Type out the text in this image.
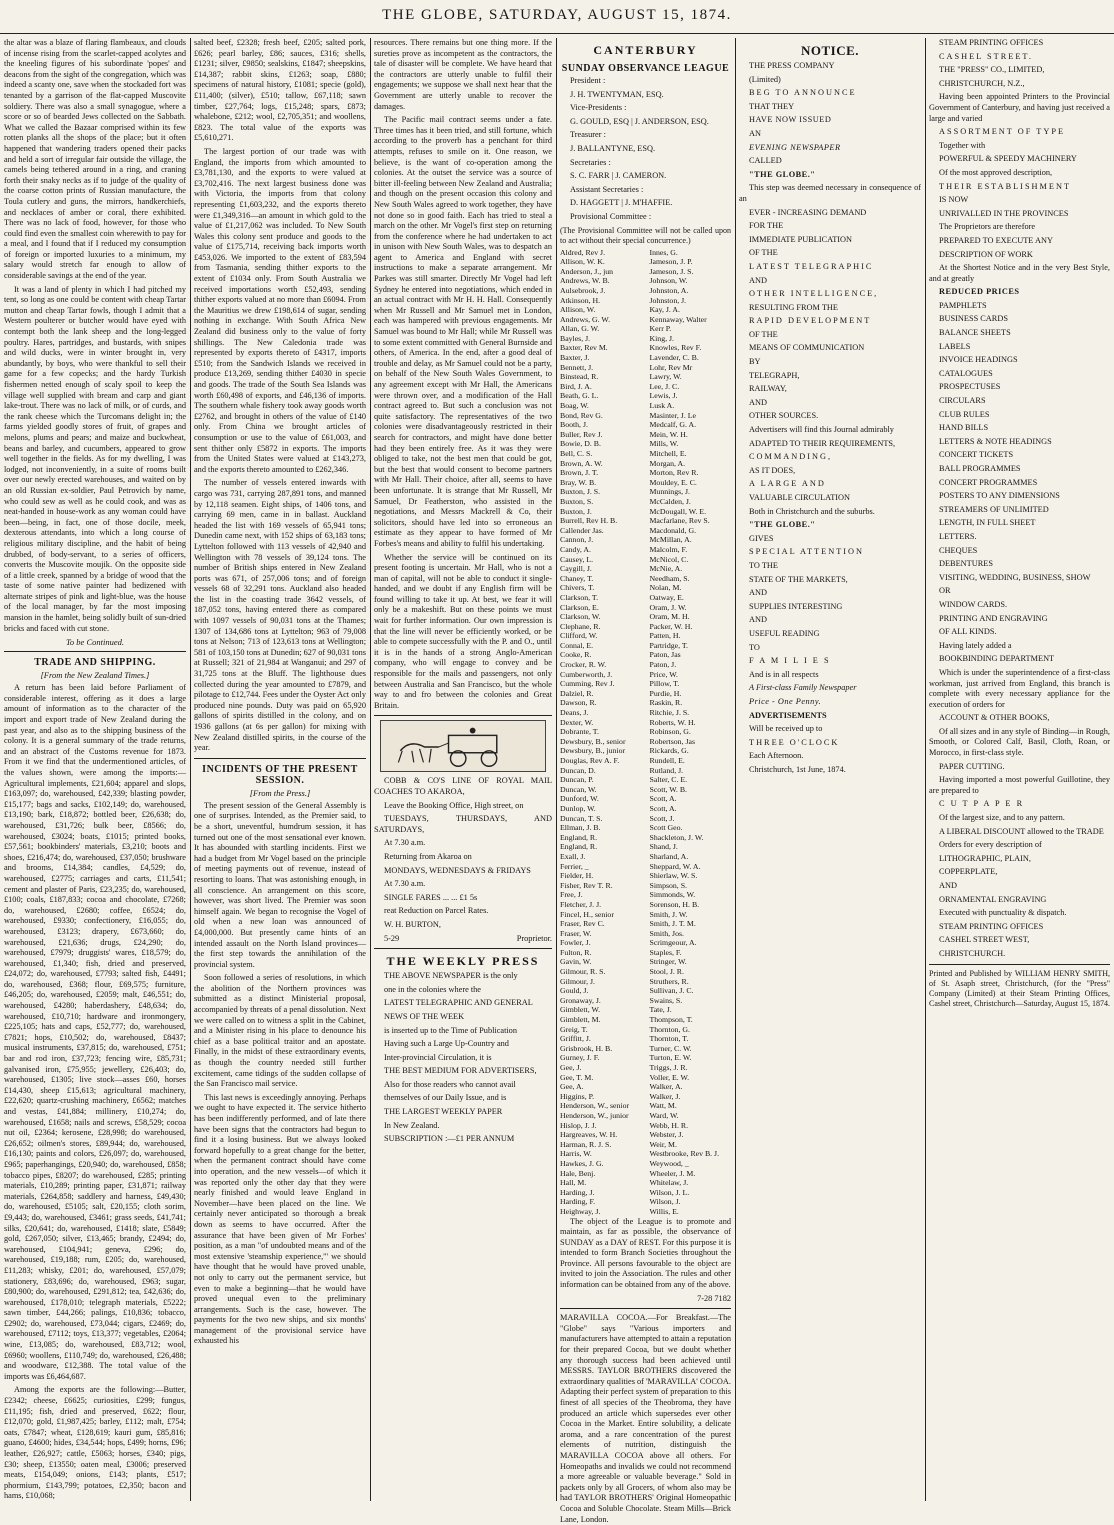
THE GLOBE, SATURDAY, AUGUST 15, 1874.

the altar was a blaze of flaring flambeaux, and clouds of incense rising from the scarlet-capped acolytes and the kneeling figures of his subordinate 'popes' and deacons from the sight of the congregation, which was indeed a scanty one, save when the stockaded fort was tenanted by a garrison of the flat-capped Muscovite soldiery. There was also a small synagogue, where a score or so of bearded Jews collected on the Sabbath. What we called the Bazaar comprised within its few rotten planks all the shops of the place; but it often happened that wandering traders opened their packs and held a sort of irregular fair outside the village, the camels being tethered around in a ring, and craning forth their snaky necks as if to judge of the quality of the coarse cotton prints of Russian manufacture, the Toula cutlery and guns, the mirrors, handkerchiefs, and necklaces of amber or coral, there exhibited. There was no lack of food, however, for those who could find even the smallest coin wherewith to pay for a meal, and I found that if I reduced my consumption of foreign or imported luxuries to a minimum, my salary would stretch far enough to allow of considerable savings at the end of the year.

It was a land of plenty in which I had pitched my tent, so long as one could be content with cheap Tartar mutton and cheap Tartar fowls, though I admit that a Western poulterer or butcher would have eyed with contempt both the lank sheep and the long-legged poultry. Hares, partridges, and bustards, with snipes and wild ducks, were in winter brought in, very abundantly, by boys, who were thankful to sell their game for a few copecks; and the hardy Turkish fishermen netted enough of scaly spoil to keep the village well supplied with bream and carp and giant lake-trout. There was no lack of milk, or of curds, and the rank cheese which the Turcomans delight in; the farms yielded goodly stores of fruit, of grapes and melons, plums and pears; and maize and buckwheat, beans and barley, and cucumbers, appeared to grow well together in the fields. As for my dwelling, I was lodged, not inconveniently, in a suite of rooms built over our newly erected warehouses, and waited on by an old Russian ex-soldier, Paul Petrovich by name, who could sew as well as he could cook, and was as neat-handed in house-work as any woman could have been—being, in fact, one of those docile, meek, dexterous attendants, into which a long course of religious military discipline, and the habit of being drubbed, of body-servant, to a series of officers, converts the Muscovite moujik. On the opposite side of a little creek, spanned by a bridge of wood that the taste of some native painter had bedizened with alternate stripes of pink and light-blue, was the house of the local manager, by far the most imposing mansion in the hamlet, being solidly built of sun-dried bricks and faced with cut stone.

To be Continued.
TRADE AND SHIPPING.
[From the New Zealand Times.]

A return has been laid before Parliament of considerable interest, offering as it does a large amount of information as to the character of the import and export trade of New Zealand during the past year, and also as to the shipping business of the colony. It is a general summary of the trade returns, and an abstract of the Customs revenue for 1873. From it we find that the undermentioned articles, of the values shown, were among the imports:—Agricultural implements, £21,604; apparel and slops, £163,097; do, warehoused, £42,339; blasting powder, £15,177; bags and sacks, £102,149; do, warehoused, £13,190; bark, £18,872; bottled beer, £26,638; do, warehoused, £31,726; bulk beer, £8566; do, warehoused, £3024; boats, £1015; printed books, £57,561; bookbinders' materials, £3,210; boots and shoes, £216,474; do, warehoused, £37,050; brushware and brooms, £14,384; candles, £4,529; do, warehoused, £2775; carriages and carts, £11,541; cement and plaster of Paris, £23,235; do, warehoused, £100; coals, £187,833; cocoa and chocolate, £7268; do, warehoused, £2680; coffee, £6524; do, warehoused, £9330; confectionery, £16,055; do, warehoused, £3123; drapery, £673,660; do, warehoused, £21,636; drugs, £24,290; do, warehoused, £7979; druggists' wares, £18,579; do, warehoused, £1,340; fish, dried and preserved, £24,072; do, warehoused, £7793; salted fish, £4491; do, warehoused, £368; flour, £69,575; furniture, £46,205; do, warehoused, £2059; malt, £46,551; do, warehoused, £4280; haberdashery, £48,634; do, warehoused, £10,710; hardware and ironmongery, £225,105; hats and caps, £52,777; do, warehoused, £7821; hops, £10,502; do, warehoused, £8437; musical instruments, £37,815; do, warehoused, £751; bar and rod iron, £37,723; fencing wire, £85,731; galvanised iron, £75,955; jewellery, £26,403; do, warehoused, £1305; live stock—asses £60, horses £14,430, sheep £15,613; agricultural machinery, £22,620; quartz-crushing machinery, £6562; matches and vestas, £41,884; millinery, £10,274; do, warehoused, £1658; nails and screws, £58,529; cocoa nut oil, £2364; kerosene, £28,998; do warehoused, £26,652; oilmen's stores, £89,944; do, warehoused, £16,130; paints and colors, £26,097; do, warehoused, £965; paperhangings, £20,940; do, warehoused, £858; tobacco pipes, £8207; do warehoused, £285; printing materials, £10,289; printing paper, £31,871; railway materials, £264,858; saddlery and harness, £49,430; do, warehoused, £5105; salt, £20,155; cloth sorim, £9,443; do, warehoused, £3461; grass seeds, £41,741; silks, £20,641; do, warehoused, £1418; slate, £5849; gold, £267,050; silver, £13,465; brandy, £2494; do, warehoused, £104,941; geneva, £296; do, warehoused, £19,188; rum, £205; do, warehoused, £11,283; whisky, £201; do, warehoused, £57,079; stationery, £83,696; do, warehoused, £963; sugar, £80,900; do, warehoused, £291,812; tea, £42,636; do, warehoused, £178,010; telegraph materials, £5222; sawn timber, £44,266; palings, £10,836; tobacco, £2902; do, warehoused, £73,044; cigars, £2469; do, warehoused, £7112; toys, £13,377; vegetables, £2064; wine, £13,085; do, warehoused, £83,712; wool, £6960; woollens, £110,749; do, warehoused, £26,488; and woodware, £12,388. The total value of the imports was £6,464,687.

Among the exports are the following:—Butter, £2342; cheese, £6625; curiosities, £299; fungus, £11,195; fish, dried and preserved, £622; flour, £12,070; gold, £1,987,425; barley, £112; malt, £754; oats, £7847; wheat, £128,619; kauri gum, £85,816; guano, £4600; hides, £34,544; hops, £499; horns, £96; leather, £26,927; cattle, £5063; horses, £340; pigs, £30; sheep, £13550; oaten meal, £3006; preserved meats, £154,049; onions, £143; plants, £517; phormium, £143,799; potatoes, £2,350; bacon and hams, £10,068;

salted beef, £2328; fresh beef, £205; salted pork, £626; pearl barley, £86; sauces, £316; shells, £1231; silver, £9850; sealskins, £1847; sheepskins, £14,387; rabbit skins, £1263; soap, £880; specimens of natural history, £1081; specie (gold), £11,400; (silver), £510; tallow, £67,118; sawn timber, £27,764; logs, £15,248; spars, £873; whalebone, £212; wool, £2,705,351; and woollens, £823. The total value of the exports was £5,610,271.

The largest portion of our trade was with England, the imports from which amounted to £3,781,130, and the exports to were valued at £3,702,416. The next largest business done was with Victoria, the imports from that colony representing £1,603,232, and the exports thereto were £1,349,316—an amount in which gold to the value of £1,217,062 was included. To New South Wales this colony sent produce and goods to the value of £175,714, receiving back imports worth £453,026. We imported to the extent of £83,594 from Tasmania, sending thither exports to the extent of £1034 only. From South Australia we received importations worth £52,493, sending thither exports valued at no more than £6094. From the Mauritius we drew £198,614 of sugar, sending nothing in exchange. With South Africa New Zealand did business only to the value of forty shillings. The New Caledonia trade was represented by exports thereto of £4317, imports £510; from the Sandwich Islands we received in produce £13,269, sending thither £4030 in specie and goods. The trade of the South Sea Islands was worth £60,498 of exports, and £46,136 of imports. The southern whale fishery took away goods worth £2762, and brought in others of the value of £140 only. From China we brought articles of consumption or use to the value of £61,003, and sent thither only £5872 in exports. The imports from the United States were valued at £143,273, and the exports thereto amounted to £262,346.

The number of vessels entered inwards with cargo was 731, carrying 287,891 tons, and manned by 12,118 seamen. Eight ships, of 1406 tons, and carrying 69 men, came in in ballast. Auckland headed the list with 169 vessels of 65,941 tons; Dunedin came next, with 152 ships of 63,183 tons; Lyttelton followed with 113 vessels of 42,940 and Wellington with 78 vessels of 39,124 tons. The number of British ships entered in New Zealand ports was 671, of 257,006 tons; and of foreign vessels 68 of 32,291 tons. Auckland also headed the list in the coasting trade 3642 vessels, of 187,052 tons, having entered there as compared with 1097 vessels of 90,031 tons at the Thames; 1307 of 134,686 tons at Lyttelton; 963 of 79,008 tons at Nelson; 713 of 123,613 tons at Wellington; 581 of 103,150 tons at Dunedin; 627 of 90,031 tons at Russell; 321 of 21,984 at Wanganui; and 297 of 31,725 tons at the Bluff. The lighthouse dues collected during the year amounted to £7879, and pilotage to £12,744. Fees under the Oyster Act only produced nine pounds. Duty was paid on 65,920 gallons of spirits distilled in the colony, and on 1936 gallons (at 6s per gallon) for mixing with New Zealand distilled spirits, in the course of the year.

INCIDENTS OF THE PRESENT SESSION.
[From the Press.]

The present session of the General Assembly is one of surprises. Intended, as the Premier said, to be a short, uneventful, humdrum session, it has turned out one of the most sensational ever known. It has abounded with startling incidents. First we had a budget from Mr Vogel based on the principle of meeting payments out of revenue, instead of resorting to loans. That was astonishing enough, in all conscience. An arrangement on this score, however, was short lived. The Premier was soon himself again. We began to recognise the Vogel of old when a new loan was announced of £4,000,000. But presently came hints of an intended assault on the North Island provinces—the first step towards the annihilation of the provincial system.

Soon followed a series of resolutions, in which the abolition of the Northern provinces was submitted as a distinct Ministerial proposal, accompanied by threats of a penal dissolution. Next we were called on to witness a split in the Cabinet, and a Minister rising in his place to denounce his chief as a base political traitor and an apostate. Finally, in the midst of these extraordinary events, as though the country needed still further excitement, came tidings of the sudden collapse of the San Francisco mail service.

This last news is exceedingly annoying. Perhaps we ought to have expected it. The service hitherto has been indifferently performed, and of late there have been signs that the contractors had begun to find it a losing business. But we always looked forward hopefully to a great change for the better, when the permanent contract should have come into operation, and the new vessels—of which it was reported only the other day that they were nearly finished and would leave England in November—have been placed on the line. We certainly never anticipated so thorough a break down as seems to have occurred. After the assurance that have been given of Mr Forbes' position, as a man "of undoubted means and of the most extensive 'steamship experience,'" we should have thought that he would have proved unable, not only to carry out the permanent service, but even to make a beginning—that he would have proved unequal even to the preliminary arrangements. Such is the case, however. The payments for the two new ships, and six months' management of the provisional service have exhausted his

resources. There remains but one thing more. If the sureties prove as incompetent as the contractors, the tale of disaster will be complete. We have heard that the contractors are utterly unable to fulfil their engagements; we suppose we shall next hear that the Government are utterly unable to recover the damages.

The Pacific mail contract seems under a fate. Three times has it been tried, and still fortune, which according to the proverb has a penchant for third attempts, refuses to smile on it. One reason, we believe, is the want of co-operation among the colonies. At the outset the service was a source of bitter ill-feeling between New Zealand and Australia; and though on the present occasion this colony and New South Wales agreed to work together, they have not done so in good faith. Each has tried to steal a march on the other. Mr Vogel's first step on returning from the conference where he had undertaken to act in unison with New South Wales, was to despatch an agent to America and England with secret instructions to make a separate arrangement. Mr Parkes was still smarter. Directly Mr Vogel had left Sydney he entered into negotiations, which ended in an actual contract with Mr H. H. Hall. Consequently when Mr Russell and Mr Samuel met in London, each was hampered with previous engagements. Mr Samuel was bound to Mr Hall; while Mr Russell was to some extent committed with General Burnside and others, of America. In the end, after a good deal of trouble and delay, as Mr Samuel could not be a party, on behalf of the New South Wales Government, to any agreement except with Mr Hall, the Americans were thrown over, and a modification of the Hall contract agreed to. But such a conclusion was not quite satisfactory. The representatives of the two colonies were disadvantageously restricted in their search for contractors, and might have done better had they been entirely free. As it was they were obliged to take, not the best men that could be got, but the best that would consent to become partners with Mr Hall. Their choice, after all, seems to have been unfortunate. It is strange that Mr Russell, Mr Samuel, Dr Featherston, who assisted in the negotiations, and Messrs Mackrell & Co, their solicitors, should have led into so erroneous an estimate as they appear to have formed of Mr Forbes's means and ability to fulfil his undertaking.

Whether the service will be continued on its present footing is uncertain. Mr Hall, who is not a man of capital, will not be able to conduct it single-handed, and we doubt if any English firm will be found willing to take it up. At best, we fear it will only be a makeshift. But on these points we must wait for further information. Our own impression is that the line will never be efficiently worked, or be able to compete successfully with the P. and O., until it is in the hands of a strong Anglo-American company, who will engage to convey and be responsible for the mails and passengers, not only between Australia and San Francisco, but the whole way to and fro between the colonies and Great Britain.

COBB & CO'S LINE OF ROYAL MAIL COACHES TO AKAROA,

Leave the Booking Office, High street, on

TUESDAYS, THURSDAYS, AND SATURDAYS,

At 7.30 a.m.

Returning from Akaroa on

MONDAYS, WEDNESDAYS & FRIDAYS

At 7.30 a.m.

SINGLE FARES ... ... £1 5s

reat Reduction on Parcel Rates.

W. H. BURTON,

5-29	Proprietor.

THE WEEKLY PRESS

THE ABOVE NEWSPAPER is the only

one in the colonies where the

LATEST TELEGRAPHIC AND GENERAL

NEWS OF THE WEEK

is inserted up to the Time of Publication

Having such a Large Up-Country and

Inter-provincial Circulation, it is

THE BEST MEDIUM FOR ADVERTISERS,

Also for those readers who cannot avail

themselves of our Daily Issue, and is

THE LARGEST WEEKLY PAPER

In New Zealand.

SUBSCRIPTION :—£1 PER ANNUM

CANTERBURY
SUNDAY OBSERVANCE LEAGUE

President :

J. H. TWENTYMAN, ESQ.

Vice-Presidents :

G. GOULD, ESQ | J. ANDERSON, ESQ.

Treasurer :

J. BALLANTYNE, ESQ.

Secretaries :

S. C. FARR | J. CAMERON.

Assistant Secretaries :

D. HAGGETT | J. M'HAFFIE.

Provisional Committee :

(The Provisional Committee will not be called upon to act without their special concurrence.)

Aldred, Rev J.
Allison, W. K.
Anderson, J., jun
Andrews, W. B.
Aulsebrook, J.
Atkinson, H.
Allison, W.
Andrews, G. W.
Allan, G. W.
Bayles, J.
Baxter, Rev M.
Baxter, J.
Bennett, J.
Binstead, R.
Bird, J. A.
Beath, G. L.
Boag, W.
Bond, Rev G.
Booth, J.
Buller, Rev J.
Bowie, D. B.
Bell, C. S.
Brown, A. W.
Brown, J. T.
Bray, W. B.
Buxton, J. S.
Buxton, S.
Buxton, J.
Burrell, Rev H. B.
Callender Jas.
Cannon, J.
Candy, A.
Causey, L.
Caygill, J.
Chaney, T.
Chivers, T.
Clarkson, T.
Clarkson, E.
Clarkson, W.
Clephane, R.
Clifford, W.
Connal, E.
Cooke, R.
Crocker, R. W.
Cumberworth, J.
Cumming, Rev J.
Dalziel, R.
Dawson, R.
Deans, J.
Dexter, W.
Dobrante, T.
Dewsbury, B., senior
Dewsbury, B., junior
Douglas, Rev A. F.
Duncan, D.
Duncan, P.
Duncan, W.
Dunford, W.
Dunlop, W.
Duncan, T. S.
Ellman, J. B.
England, R.
England, R.
Exall, J.
Ferrier, _
Fielder, H.
Fisher, Rev T. R.
Free, J.
Fletcher, J. J.
Fincel, H., senior
Fraser, Rev C.
Fraser, W.
Fowler, J.
Fulton, R.
Gavin, W.
Gilmour, R. S.
Gilmour, J.
Gould, J.
Gronaway, J.
Gimblett, W.
Gimblett, M.
Greig, T.
Griffitt, J.
Grisbrook, H. B.
Gurney, J. F.
Gee, J.
Gee, T. M.
Gee, A.
Higgins, P.
Henderson, W., senior
Henderson, W., junior
Hislop, J. J.
Hargreaves, W. H.
Harman, R. J. S.
Harris, W.
Hawkes, J. G.
Hale, Benj.
Hall, M.
Harding, J.
Harding, F.
Heighway, J.
Innes, G.
Jameson, J. P.
Jameson, J. S.
Johnson, W.
Johnston, A.
Johnston, J.
Kay, J. A.
Kennaway, Walter
Kerr P.
King, J.
Knowles, Rev F.
Lavender, C. B.
Lohr, Rev Mr
Lawry, W.
Lee, J. C.
Lewis, J.
Lusk A.
Masinter, J. Le
Medcalf, G. A.
Mein, W. H.
Mills, W.
Mitchell, E.
Morgan, A.
Morton, Rev R.
Mouldey, E. C.
Munnings, J.
McCalden, J.
McDougall, W. E.
Macfarlane, Rev S.
Macdonald, G.
McMillan, A.
Malcolm, F.
McNicol, C.
McNie, A.
Needham, S.
Nolan, M.
Oatway, E.
Oram, J. W.
Oram, M. H.
Packer, W. H.
Patten, H.
Partridge, T.
Paton, Jas
Paton, J.
Price, W.
Pillow, T.
Purdie, H.
Raskin, R.
Ritchie, J. S.
Roberts, W. H.
Robinson, G.
Robertson, Jas
Rickards, G.
Rundell, E.
Rutland, J.
Salter, C. E.
Scott, W. B.
Scott, A.
Scott, A.
Scott, J.
Scott Geo.
Shackleton, J. W.
Shand, J.
Sharland, A.
Sheppard, W. A.
Shierlaw, W. S.
Simpson, S.
Simmonds, W.
Sorenson, H. B.
Smith, J. W.
Smith, J. T. M.
Smith, Jos.
Scrimgeour, A.
Staples, F.
Stringer, W.
Stool, J. R.
Struthers, R.
Sullivan, J. C.
Swains, S.
Tate, J.
Thompson, T.
Thornton, G.
Thornton, T.
Turner, C. W.
Turton, E. W.
Triggs, J. R.
Voller, E. W.
Walker, A.
Walker, J.
Watt, M.
Ward, W.
Webb, H. R.
Webster, J.
Weir, M.
Westbrooke, Rev B. J.
Weywood, _
Wheeler, J. M.
Whitelaw, J.
Wilson, J. L.
Wilson, J.
Willis, E.

The object of the League is to promote and maintain, as far as possible, the observance of SUNDAY as a DAY of REST. For this purpose it is intended to form Branch Societies throughout the Province. All persons favourable to the object are invited to join the Association. The rules and other information can be obtained from any of the above.

7-28 7182

MARAVILLA COCOA.—For Breakfast.—The "Globe" says "Various importers and manufacturers have attempted to attain a reputation for their prepared Cocoa, but we doubt whether any thorough success had been achieved until MESSRS. TAYLOR BROTHERS discovered the extraordinary qualities of 'MARAVILLA' COCOA. Adapting their perfect system of preparation to this finest of all species of the Theobroma, they have produced an article which supersedes ever other Cocoa in the Market. Entire solubility, a delicate aroma, and a rare concentration of the purest elements of nutrition, distinguish the MARAVILLA COCOA above all others. For Homeopaths and invalids we could not recommend a more agreeable or valuable beverage." Sold in packets only by all Grocers, of whom also may be had TAYLOR BROTHERS' Original Homeopathic Cocoa and Soluble Chocolate. Steam Mills—Brick Lane, London.

NOTICE.

THE PRESS COMPANY

(Limited)

BEG TO ANNOUNCE

THAT THEY

HAVE NOW ISSUED

AN

EVENING NEWSPAPER

CALLED

"THE GLOBE."

This step was deemed necessary in consequence of an

EVER - INCREASING DEMAND

FOR THE

IMMEDIATE PUBLICATION

OF THE

LATEST TELEGRAPHIC

AND

OTHER INTELLIGENCE,

RESULTING FROM THE

RAPID DEVELOPMENT

OF THE

MEANS OF COMMUNICATION

BY

TELEGRAPH,

RAILWAY,

AND

OTHER SOURCES.

Advertisers will find this Journal admirably

ADAPTED TO THEIR REQUIREMENTS,

COMMANDING,

AS IT DOES,

A LARGE AND

VALUABLE CIRCULATION

Both in Christchurch and the suburbs.

"THE GLOBE."

GIVES

SPECIAL ATTENTION

TO THE

STATE OF THE MARKETS,

AND

SUPPLIES INTERESTING

AND

USEFUL READING

TO

F A M I L I E S

And is in all respects

A First-class Family Newspaper

Price - One Penny.

ADVERTISEMENTS

Will be received up to

THREE O'CLOCK

Each Afternoon.

Christchurch, 1st June, 1874.

STEAM PRINTING OFFICES

CASHEL STREET.

THE "PRESS" CO., LIMITED,

CHRISTCHURCH, N.Z.,

Having been appointed Printers to the Provincial Government of Canterbury, and having just received a large and varied

ASSORTMENT OF TYPE

Together with

POWERFUL & SPEEDY MACHINERY

Of the most approved description,

THEIR ESTABLISHMENT

IS NOW

UNRIVALLED IN THE PROVINCES

The Proprietors are therefore

PREPARED TO EXECUTE ANY

DESCRIPTION OF WORK

At the Shortest Notice and in the very Best Style, and at greatly

REDUCED PRICES

PAMPHLETS

BUSINESS CARDS

BALANCE SHEETS

LABELS

INVOICE HEADINGS

CATALOGUES

PROSPECTUSES

CIRCULARS

CLUB RULES

HAND BILLS

LETTERS & NOTE HEADINGS

CONCERT TICKETS

BALL PROGRAMMES

CONCERT PROGRAMMES

POSTERS TO ANY DIMENSIONS

STREAMERS OF UNLIMITED

LENGTH, IN FULL SHEET

LETTERS.

CHEQUES

DEBENTURES

VISITING, WEDDING, BUSINESS, SHOW

OR

WINDOW CARDS.

PRINTING AND ENGRAVING

OF ALL KINDS.

Having lately added a

BOOKBINDING DEPARTMENT

Which is under the superintendence of a first-class workman, just arrived from England, this branch is complete with every necessary appliance for the execution of orders for

ACCOUNT & OTHER BOOKS,

Of all sizes and in any style of Binding—in Rough, Smooth, or Colored Calf, Basil, Cloth, Roan, or Morocco, in first-class style.

PAPER CUTTING.

Having imported a most powerful Guillotine, they are prepared to

C U T P A P E R

Of the largest size, and to any pattern.

A LIBERAL DISCOUNT allowed to the TRADE

Orders for every description of

LITHOGRAPHIC, PLAIN,

COPPERPLATE,

AND

ORNAMENTAL ENGRAVING

Executed with punctuality & dispatch.

STEAM PRINTING OFFICES

CASHEL STREET WEST,

CHRISTCHURCH.

Printed and Published by WILLIAM HENRY SMITH, of St. Asaph street, Christchurch, (for the "Press" Company (Limited) at their Steam Printing Offices, Cashel street, Christchurch—Saturday, August 15, 1874.
